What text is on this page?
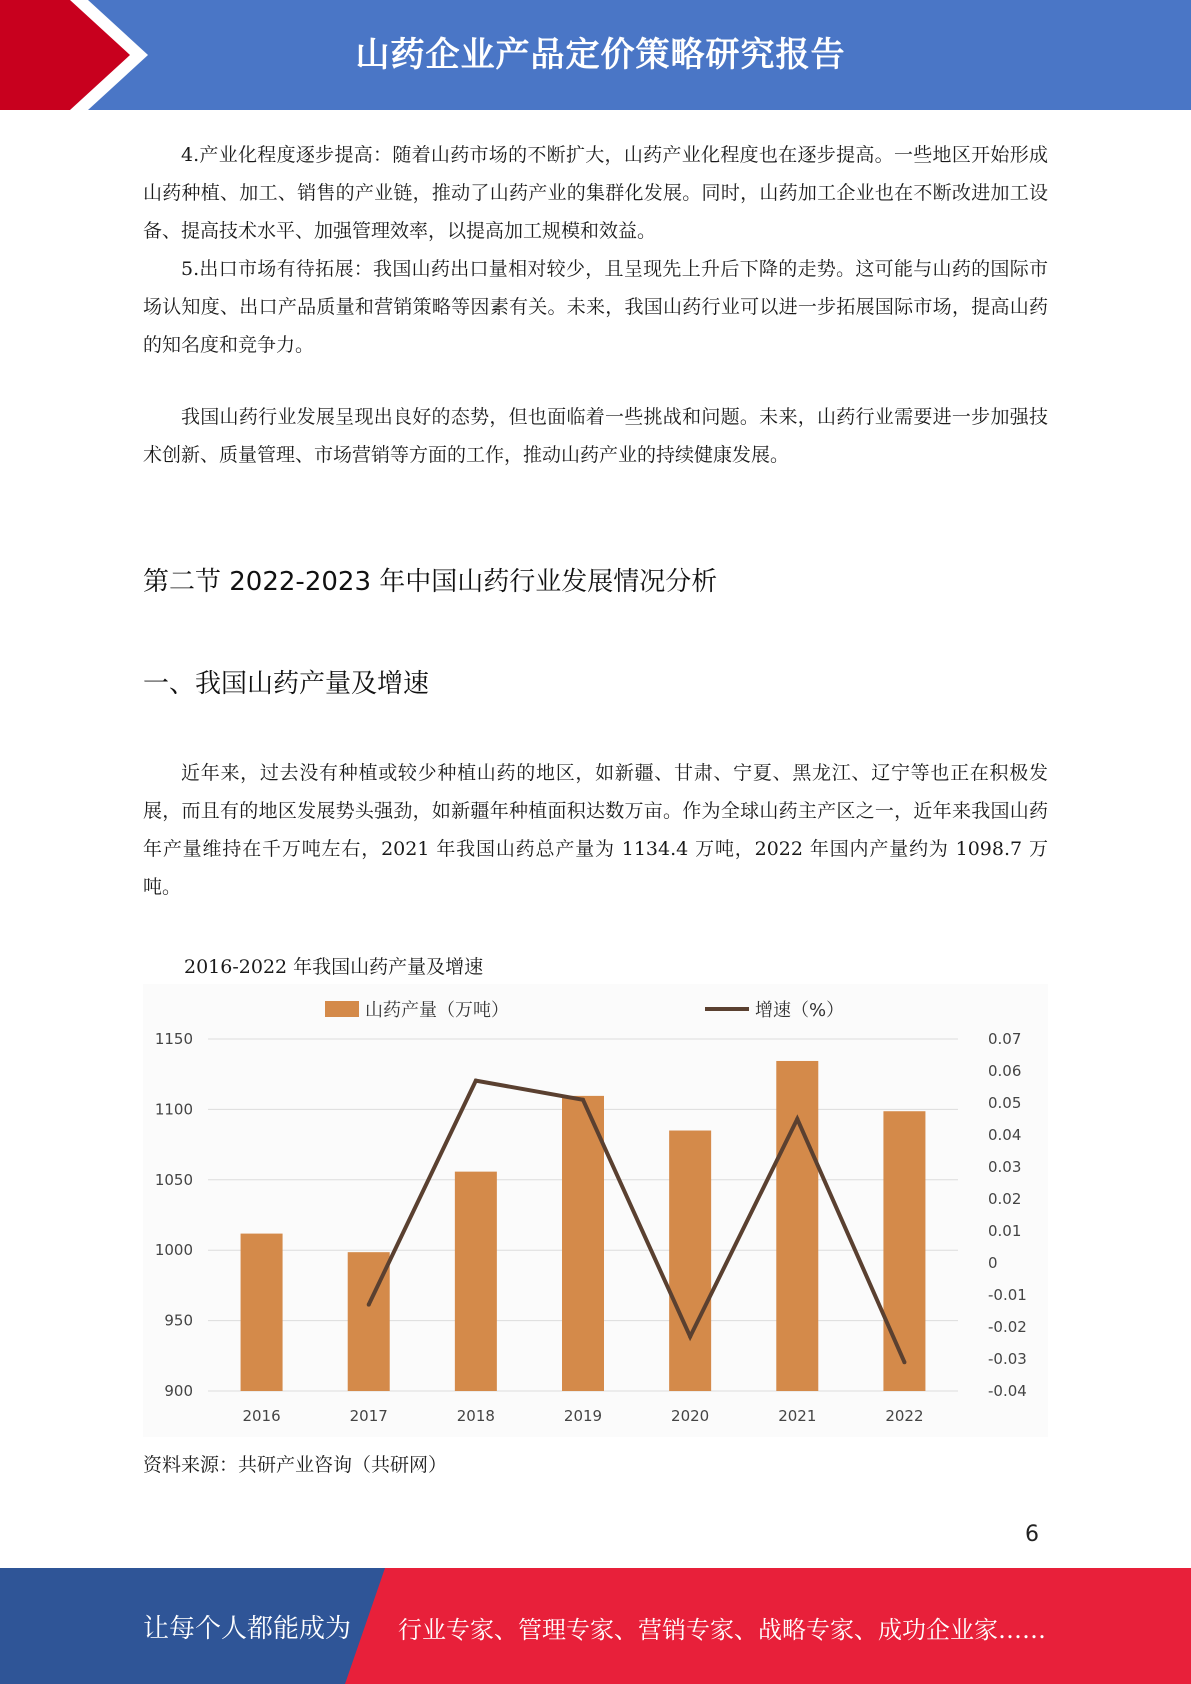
山药企业产品定价策略研究报告

4.产业化程度逐步提高：随着山药市场的不断扩大，山药产业化程度也在逐步提高。一些地区开始形成山药种植、加工、销售的产业链，推动了山药产业的集群化发展。同时，山药加工企业也在不断改进加工设备、提高技术水平、加强管理效率，以提高加工规模和效益。

5.出口市场有待拓展：我国山药出口量相对较少，且呈现先上升后下降的走势。这可能与山药的国际市场认知度、出口产品质量和营销策略等因素有关。未来，我国山药行业可以进一步拓展国际市场，提高山药的知名度和竞争力。

我国山药行业发展呈现出良好的态势，但也面临着一些挑战和问题。未来，山药行业需要进一步加强技术创新、质量管理、市场营销等方面的工作，推动山药产业的持续健康发展。

第二节 2022-2023 年中国山药行业发展情况分析
一、我国山药产量及增速

近年来，过去没有种植或较少种植山药的地区，如新疆、甘肃、宁夏、黑龙江、辽宁等也正在积极发展，而且有的地区发展势头强劲，如新疆年种植面积达数万亩。作为全球山药主产区之一，近年来我国山药年产量维持在千万吨左右，2021 年我国山药总产量为 1134.4 万吨，2022 年国内产量约为 1098.7 万吨。

2016-2022 年我国山药产量及增速
900
950
1000
1050
1100
1150
-0.04
-0.03
-0.02
-0.01
0
0.01
0.02
0.03
0.04
0.05
0.06
0.07
2016	2017	2018	2019	2020	2021	2022
山药产量（万吨）	增速（%）
资料来源：共研产业咨询（共研网）
6
让每个人都能成为 行业专家、管理专家、营销专家、战略专家、成功企业家……
